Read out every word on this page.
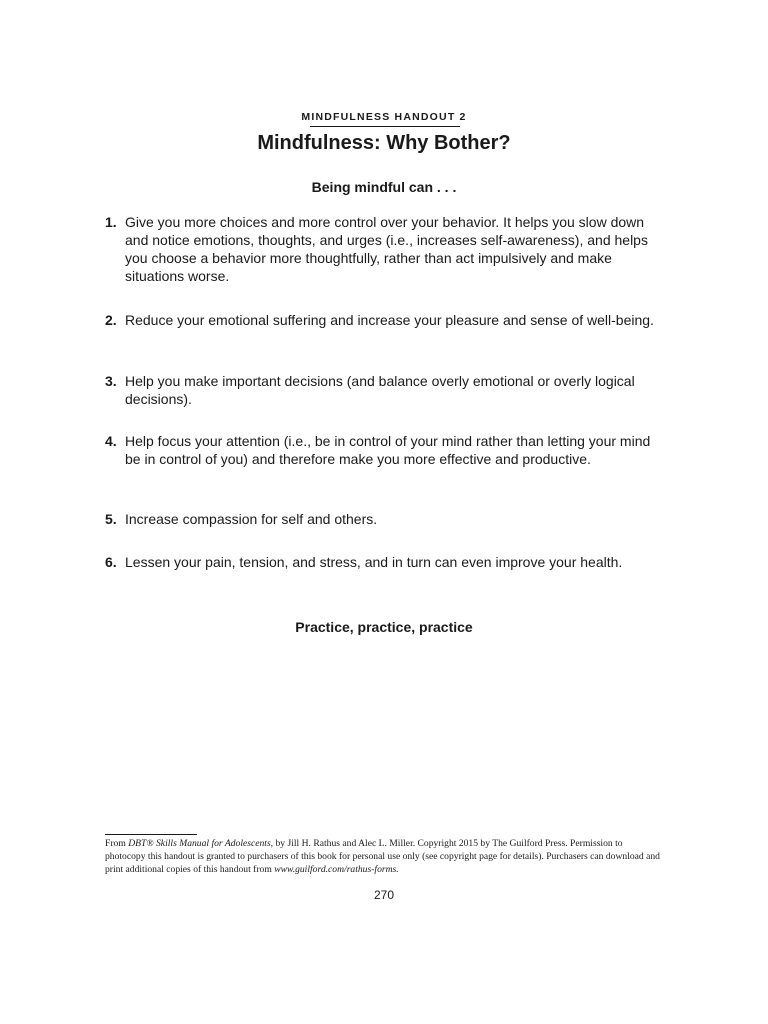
MINDFULNESS HANDOUT 2
Mindfulness: Why Bother?
Being mindful can . . .
1. Give you more choices and more control over your behavior. It helps you slow down and notice emotions, thoughts, and urges (i.e., increases self-awareness), and helps you choose a behavior more thoughtfully, rather than act impulsively and make situations worse.
2. Reduce your emotional suffering and increase your pleasure and sense of well-being.
3. Help you make important decisions (and balance overly emotional or overly logical decisions).
4. Help focus your attention (i.e., be in control of your mind rather than letting your mind be in control of you) and therefore make you more effective and productive.
5. Increase compassion for self and others.
6. Lessen your pain, tension, and stress, and in turn can even improve your health.
Practice, practice, practice
From DBT® Skills Manual for Adolescents, by Jill H. Rathus and Alec L. Miller. Copyright 2015 by The Guilford Press. Permission to photocopy this handout is granted to purchasers of this book for personal use only (see copyright page for details). Purchasers can download and print additional copies of this handout from www.guilford.com/rathus-forms.
270
